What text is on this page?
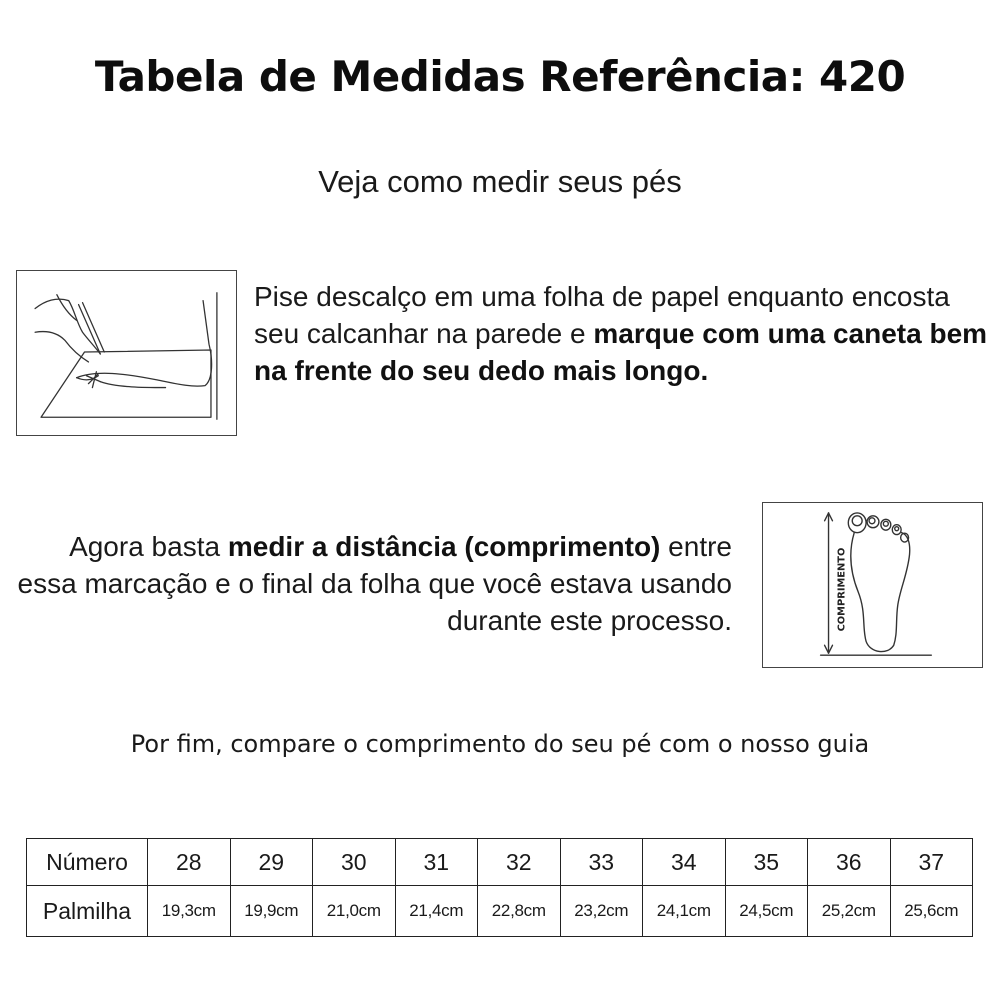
Tabela de Medidas Referência: 420
Veja como medir seus pés
Pise descalço em uma folha de papel enquanto encosta seu calcanhar na parede e marque com uma caneta bem na frente do seu dedo mais longo.
Agora basta medir a distância (comprimento) entre essa marcação e o final da folha que você estava usando durante este processo.	COMPRIMENTO
Por fim, compare o comprimento do seu pé com o nosso guia
Número	28	29	30	31	32	33	34	35	36	37
Palmilha	19,3cm	19,9cm	21,0cm	21,4cm	22,8cm	23,2cm	24,1cm	24,5cm	25,2cm	25,6cm
